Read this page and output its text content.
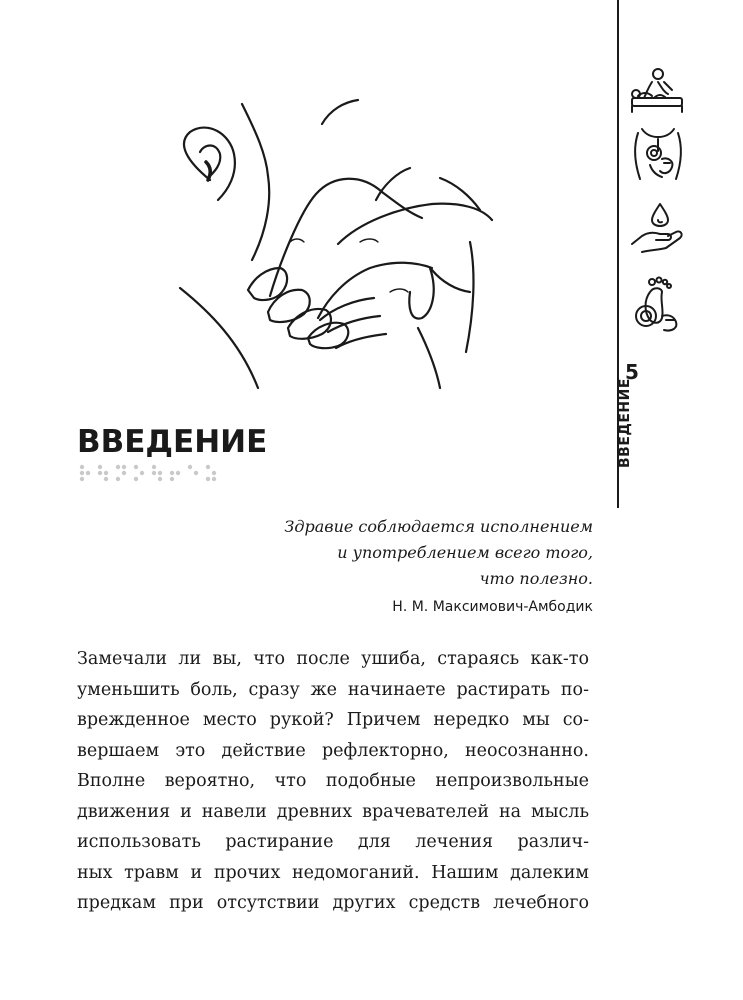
ВВЕДЕНИЕ
Здравие соблюдается исполнением
и употреблением всего того,
что полезно.
Н. М. Максимович-Амбодик
Замечали ли вы, что после ушиба, стараясь как-то
уменьшить боль, сразу же начинаете растирать по-
врежденное место рукой? Причем нередко мы со-
вершаем это действие рефлекторно, неосознанно.
Вполне вероятно, что подобные непроизвольные
движения и навели древних врачевателей на мысль
использовать растирание для лечения различ-
ных травм и прочих недомоганий. Нашим далеким
предкам при отсутствии других средств лечебного
5
ВВЕДЕНИЕ
